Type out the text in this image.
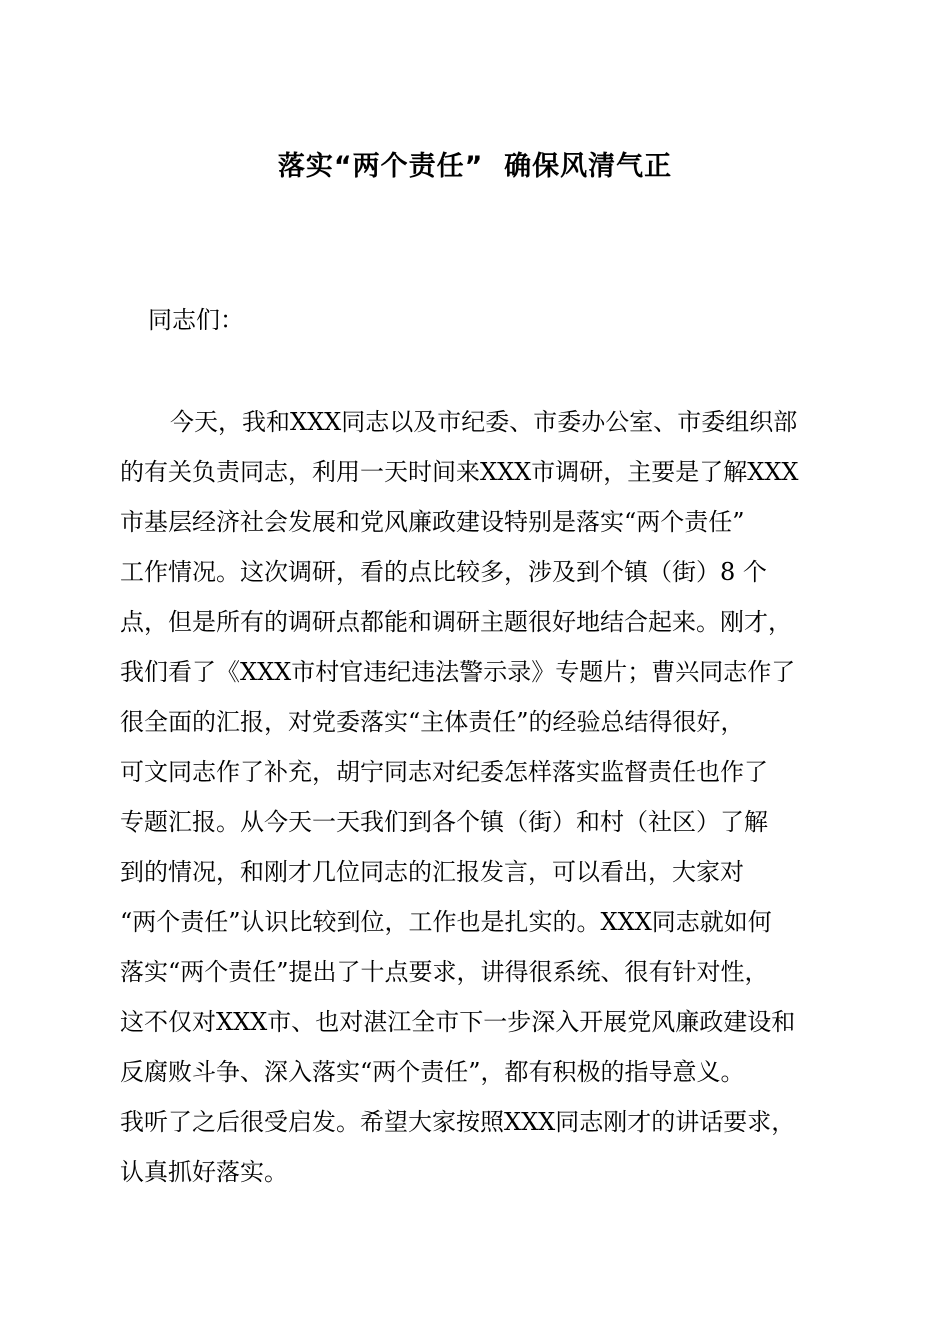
落实“两个责任”  确保风清气正
同志们：
今天，我和XXX同志以及市纪委、市委办公室、市委组织部
的有关负责同志，利用一天时间来XXX市调研，主要是了解XXX
市基层经济社会发展和党风廉政建设特别是落实“两个责任”
工作情况。这次调研，看的点比较多，涉及到个镇（街）8 个
点，但是所有的调研点都能和调研主题很好地结合起来。刚才，
我们看了《XXX市村官违纪违法警示录》专题片；曹兴同志作了
很全面的汇报，对党委落实“主体责任”的经验总结得很好，
可文同志作了补充，胡宁同志对纪委怎样落实监督责任也作了
专题汇报。从今天一天我们到各个镇（街）和村（社区）了解
到的情况，和刚才几位同志的汇报发言，可以看出，大家对
“两个责任”认识比较到位，工作也是扎实的。XXX同志就如何
落实“两个责任”提出了十点要求，讲得很系统、很有针对性，
这不仅对XXX市、也对湛江全市下一步深入开展党风廉政建设和
反腐败斗争、深入落实“两个责任”，都有积极的指导意义。
我听了之后很受启发。希望大家按照XXX同志刚才的讲话要求，
认真抓好落实。
